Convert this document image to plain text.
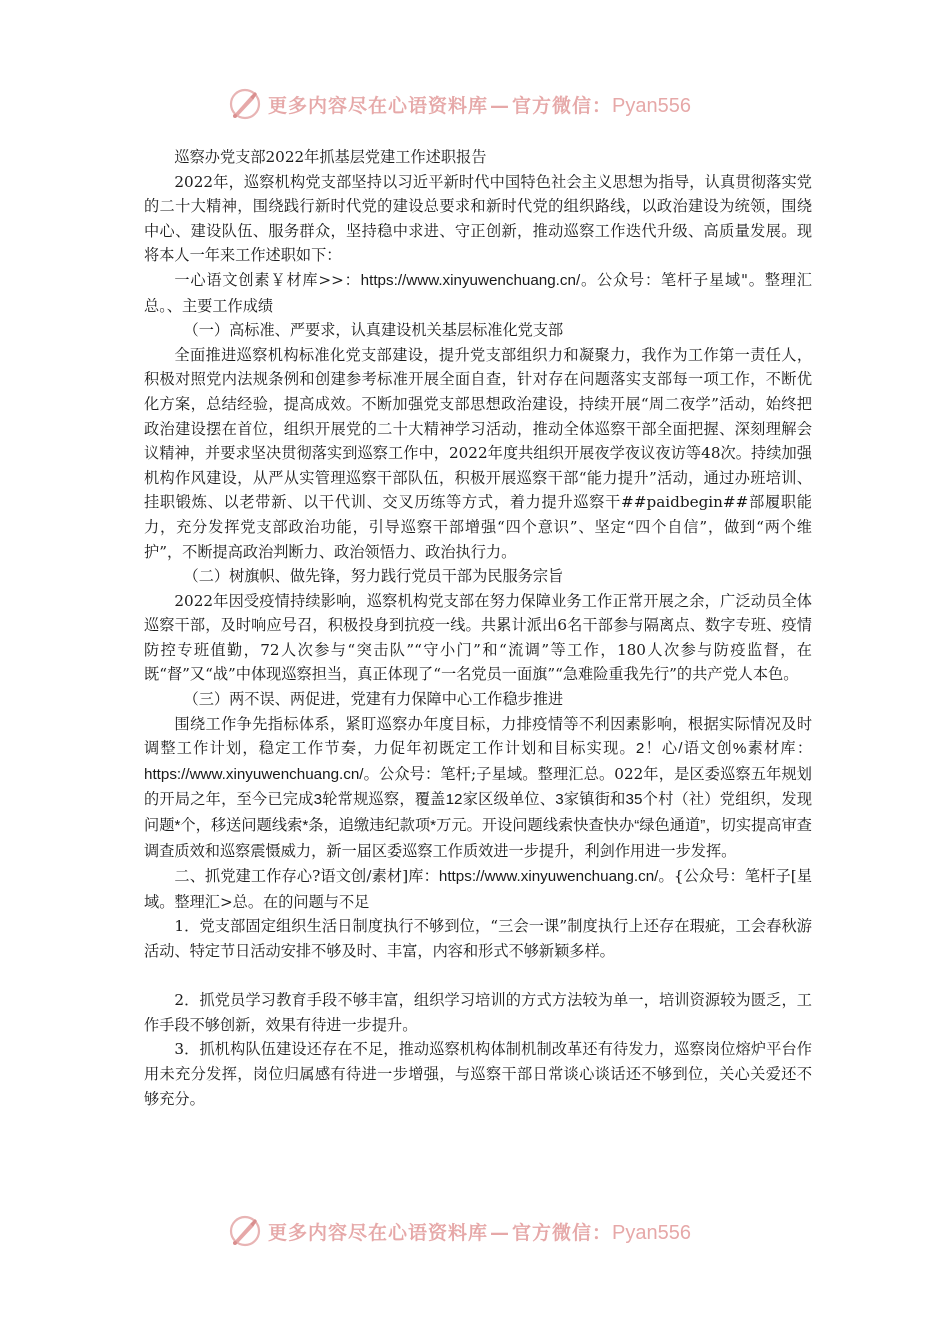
更多内容尽在心语资料库 — 官方微信：Pyan556

巡察办党支部2022年抓基层党建工作述职报告

2022年，巡察机构党支部坚持以习近平新时代中国特色社会主义思想为指导，认真贯彻落实党的二十大精神，围绕践行新时代党的建设总要求和新时代党的组织路线，以政治建设为统领，围绕中心、建设队伍、服务群众，坚持稳中求进、守正创新，推动巡察工作迭代升级、高质量发展。现将本人一年来工作述职如下：

一心语文创素￥材库>>：https://www.xinyuwenchuang.cn/。公众号：笔杆子星域"。整理汇总。、主要工作成绩

（一）高标准、严要求，认真建设机关基层标准化党支部

全面推进巡察机构标准化党支部建设，提升党支部组织力和凝聚力，我作为工作第一责任人，积极对照党内法规条例和创建参考标准开展全面自查，针对存在问题落实支部每一项工作，不断优化方案，总结经验，提高成效。不断加强党支部思想政治建设，持续开展“周二夜学”活动，始终把政治建设摆在首位，组织开展党的二十大精神学习活动，推动全体巡察干部全面把握、深刻理解会议精神，并要求坚决贯彻落实到巡察工作中，2022年度共组织开展夜学夜议夜访等48次。持续加强机构作风建设，从严从实管理巡察干部队伍，积极开展巡察干部“能力提升”活动，通过办班培训、挂职锻炼、以老带新、以干代训、交叉历练等方式，着力提升巡察干##paidbegin##部履职能力，充分发挥党支部政治功能，引导巡察干部增强“四个意识”、坚定“四个自信”，做到“两个维护”，不断提高政治判断力、政治领悟力、政治执行力。

（二）树旗帜、做先锋，努力践行党员干部为民服务宗旨

2022年因受疫情持续影响，巡察机构党支部在努力保障业务工作正常开展之余，广泛动员全体巡察干部，及时响应号召，积极投身到抗疫一线。共累计派出6名干部参与隔离点、数字专班、疫情防控专班值勤，72人次参与“突击队”“守小门”和“流调”等工作，180人次参与防疫监督，在既“督”又“战”中体现巡察担当，真正体现了“一名党员一面旗”“急难险重我先行”的共产党人本色。

（三）两不误、两促进，党建有力保障中心工作稳步推进

围绕工作争先指标体系，紧盯巡察办年度目标，力排疫情等不利因素影响，根据实际情况及时调整工作计划，稳定工作节奏，力促年初既定工作计划和目标实现。2！心/语文创%素材库：https://www.xinyuwenchuang.cn/。公众号：笔杆;子星域。整理汇总。022年，是区委巡察五年规划的开局之年，至今已完成3轮常规巡察，覆盖12家区级单位、3家镇街和35个村（社）党组织，发现问题*个，移送问题线索*条，追缴违纪款项*万元。开设问题线索快查快办“绿色通道”，切实提高审查调查质效和巡察震慑威力，新一届区委巡察工作质效进一步提升，利剑作用进一步发挥。

二、抓党建工作存心?语文创/素材]库：https://www.xinyuwenchuang.cn/。{公众号：笔杆子[星域。整理汇>总。在的问题与不足

1．党支部固定组织生活日制度执行不够到位，“三会一课”制度执行上还存在瑕疵，工会春秋游活动、特定节日活动安排不够及时、丰富，内容和形式不够新颖多样。

2．抓党员学习教育手段不够丰富，组织学习培训的方式方法较为单一，培训资源较为匮乏，工作手段不够创新，效果有待进一步提升。

3．抓机构队伍建设还存在不足，推动巡察机构体制机制改革还有待发力，巡察岗位熔炉平台作用未充分发挥，岗位归属感有待进一步增强，与巡察干部日常谈心谈话还不够到位，关心关爱还不够充分。

更多内容尽在心语资料库 — 官方微信：Pyan556
